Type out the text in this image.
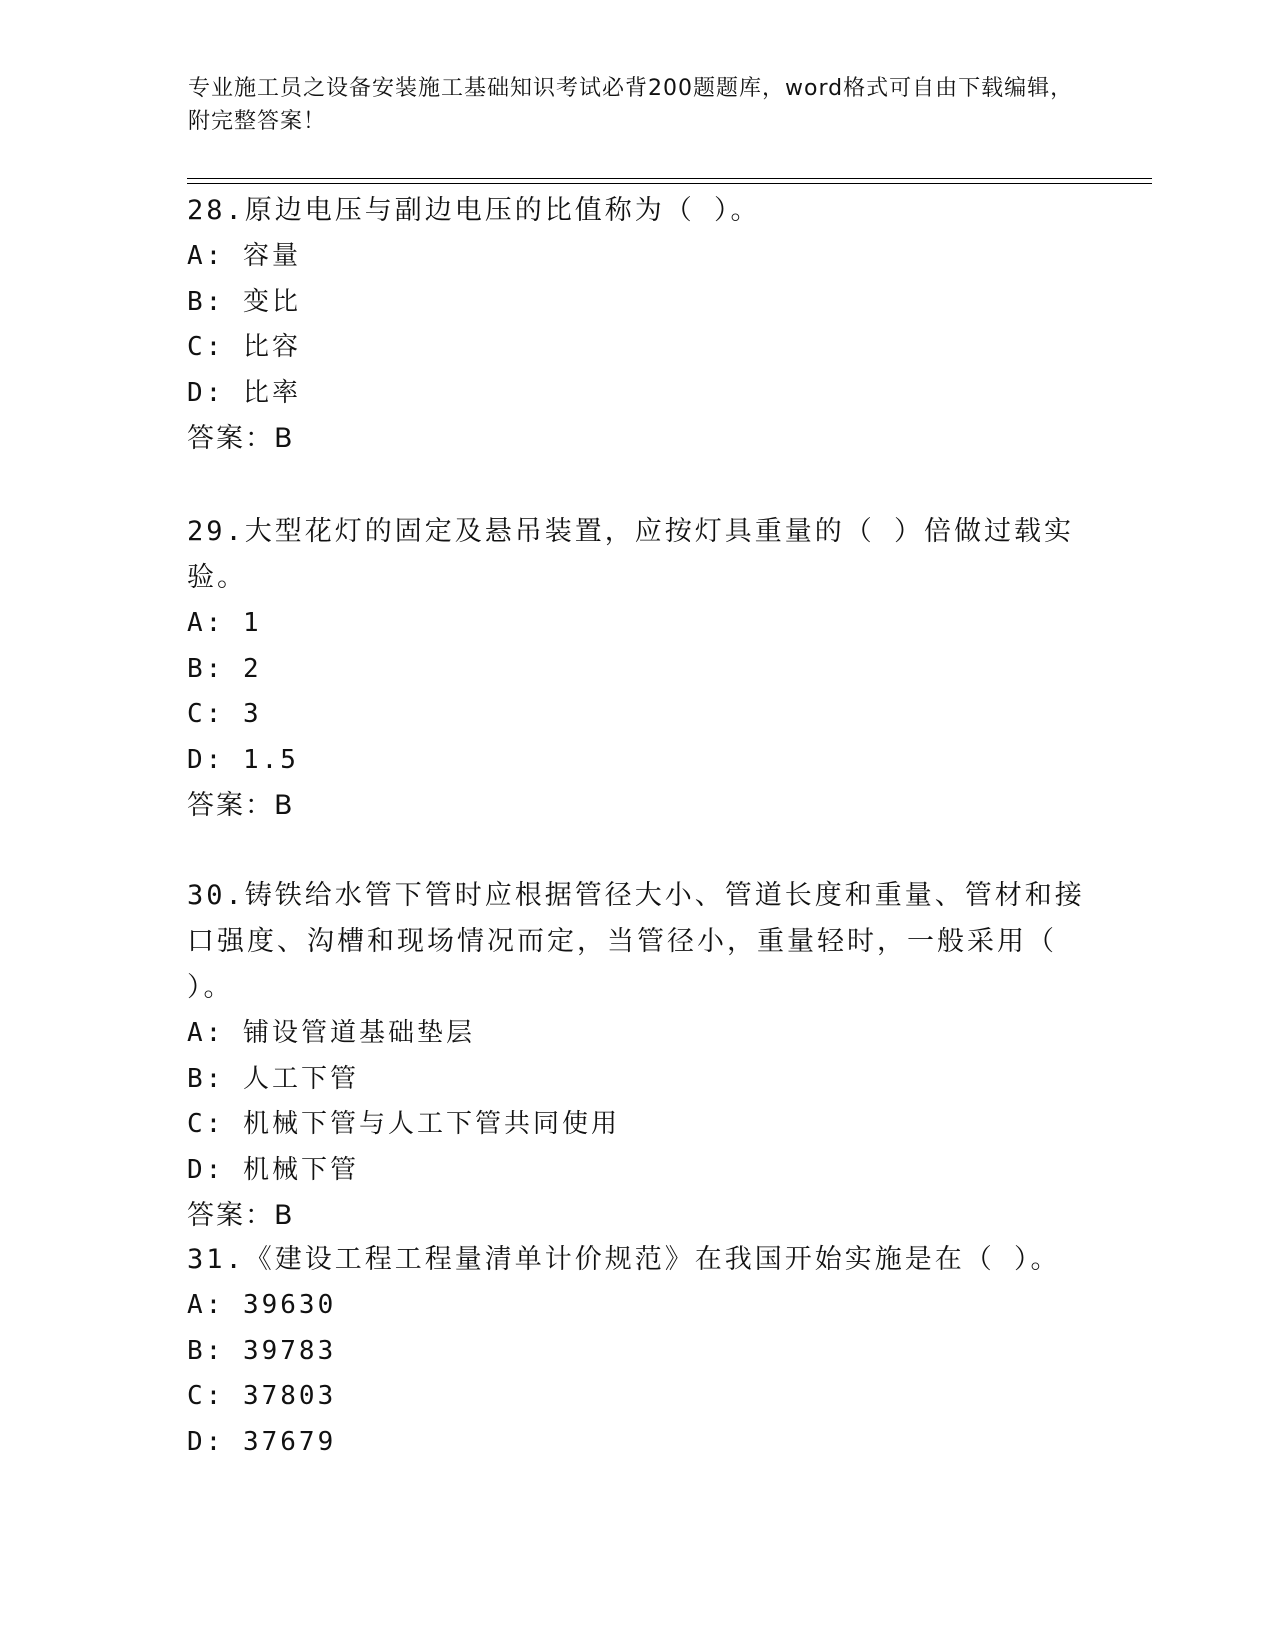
专业施工员之设备安装施工基础知识考试必背200题题库，word格式可自由下载编辑，附完整答案！
28.原边电压与副边电压的比值称为（ ）。
A: 容量
B: 变比
C: 比容
D: 比率
答案：B
29.大型花灯的固定及悬吊装置，应按灯具重量的（ ）倍做过载实验。
A: 1
B: 2
C: 3
D: 1.5
答案：B
30.铸铁给水管下管时应根据管径大小、管道长度和重量、管材和接口强度、沟槽和现场情况而定，当管径小，重量轻时，一般采用（ ）。
A: 铺设管道基础垫层
B: 人工下管
C: 机械下管与人工下管共同使用
D: 机械下管
答案：B
31.《建设工程工程量清单计价规范》在我国开始实施是在（ ）。
A: 39630
B: 39783
C: 37803
D: 37679
